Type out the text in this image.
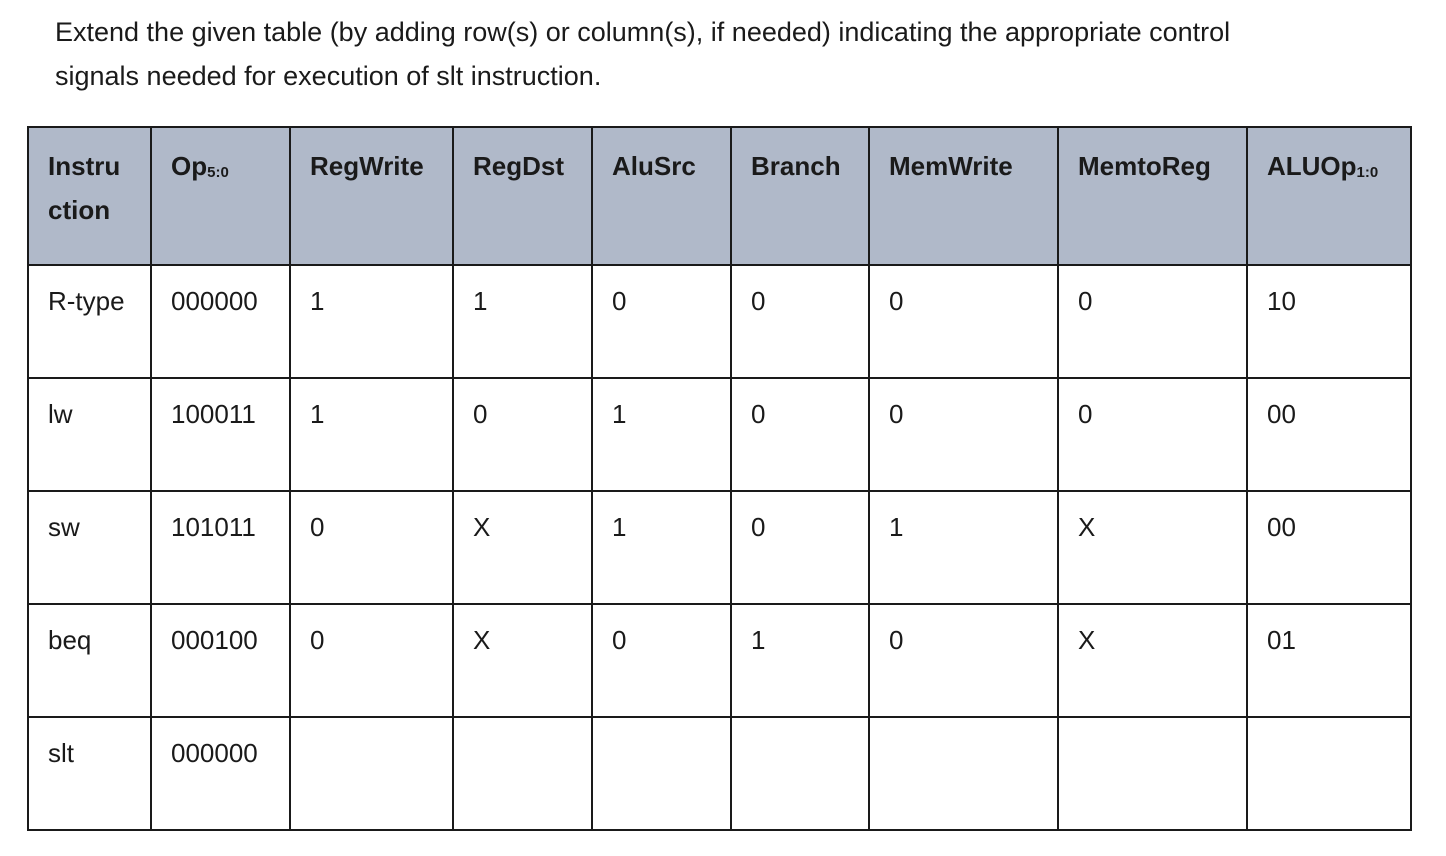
Extend the given table (by adding row(s) or column(s), if needed) indicating the appropriate control
signals needed for execution of slt instruction.

Instru ction	Op5:0	RegWrite	RegDst	AluSrc	Branch	MemWrite	MemtoReg	ALUOp1:0

R-type	000000	1	1	0	0	0	0	10

lw	100011	1	0	1	0	0	0	00

sw	101011	0	X	1	0	1	X	00

beq	000100	0	X	0	1	0	X	01

slt	000000							
